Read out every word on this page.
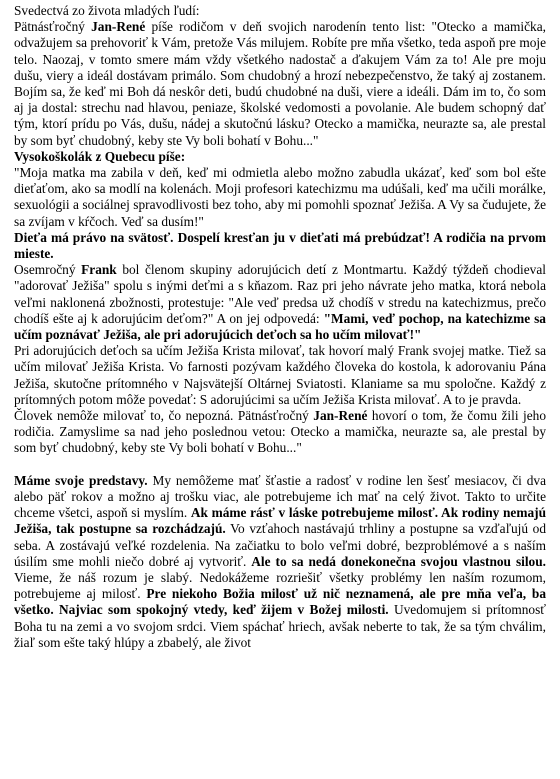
Svedectvá zo života mladých ľudí:

Pätnásťročný Jan-René píše rodičom v deň svojich narodenín tento list: "Otecko a mamička, odvažujem sa prehovoriť k Vám, pretože Vás milujem. Robíte pre mňa všetko, teda aspoň pre moje telo. Naozaj, v tomto smere mám vždy všetkého nadostač a ďakujem Vám za to! Ale pre moju dušu, viery a ideál dostávam primálo. Som chudobný a hrozí nebezpečenstvo, že taký aj zostanem. Bojím sa, že keď mi Boh dá neskôr deti, budú chudobné na duši, viere a ideáli. Dám im to, čo som aj ja dostal: strechu nad hlavou, peniaze, školské vedomosti a povolanie. Ale budem schopný dať tým, ktorí prídu po Vás, dušu, nádej a skutočnú lásku? Otecko a mamička, neurazte sa, ale prestal by som byť chudobný, keby ste Vy boli bohatí v Bohu..."

Vysokoškolák z Quebecu píše:

"Moja matka ma zabila v deň, keď mi odmietla alebo možno zabudla ukázať, keď som bol ešte dieťaťom, ako sa modlí na kolenách. Moji profesori katechizmu ma udúšali, keď ma učili morálke, sexuológii a sociálnej spravodlivosti bez toho, aby mi pomohli spoznať Ježiša. A Vy sa čudujete, že sa zvíjam v kŕčoch. Veď sa dusím!"

Dieťa má právo na svätosť. Dospelí kresťan ju v dieťati má prebúdzať! A rodičia na prvom mieste.

Osemročný Frank bol členom skupiny adorujúcich detí z Montmartu. Každý týždeň chodieval "adorovať Ježiša" spolu s inými deťmi a s kňazom. Raz pri jeho návrate jeho matka, ktorá nebola veľmi naklonená zbožnosti, protestuje: "Ale veď predsa už chodíš v stredu na katechizmus, prečo chodíš ešte aj k adorujúcim deťom?" A on jej odpovedá: "Mami, veď pochop, na katechizme sa učím poznávať Ježiša, ale pri adorujúcich deťoch sa ho učím milovať!"

Pri adorujúcich deťoch sa učím Ježiša Krista milovať, tak hovorí malý Frank svojej matke. Tiež sa učím milovať Ježiša Krista. Vo farnosti pozývam každého človeka do kostola, k adorovaniu Pána Ježiša, skutočne prítomného v Najsvätejší Oltárnej Sviatosti. Klaniame sa mu spoločne. Každý z prítomných potom môže povedať: S adorujúcimi sa učím Ježiša Krista milovať. A to je pravda.

Človek nemôže milovať to, čo nepozná. Pätnásťročný Jan-René hovorí o tom, že čomu žili jeho rodičia. Zamyslime sa nad jeho poslednou vetou: Otecko a mamička, neurazte sa, ale prestal by som byť chudobný, keby ste Vy boli bohatí v Bohu..."

Máme svoje predstavy. My nemôžeme mať šťastie a radosť v rodine len šesť mesiacov, či dva alebo päť rokov a možno aj trošku viac, ale potrebujeme ich mať na celý život. Takto to určite chceme všetci, aspoň si myslím. Ak máme rásť v láske potrebujeme milosť. Ak rodiny nemajú Ježiša, tak postupne sa rozchádzajú. Vo vzťahoch nastávajú trhliny a postupne sa vzďaľujú od seba. A zostávajú veľké rozdelenia. Na začiatku to bolo veľmi dobré, bezproblémové a s naším úsilím sme mohli niečo dobré aj vytvoriť. Ale to sa nedá donekonečna svojou vlastnou silou. Vieme, že náš rozum je slabý. Nedokážeme rozriešiť všetky problémy len naším rozumom, potrebujeme aj milosť. Pre niekoho Božia milosť už nič neznamená, ale pre mňa veľa, ba všetko. Najviac som spokojný vtedy, keď žijem v Božej milosti. Uvedomujem si prítomnosť Boha tu na zemi a vo svojom srdci. Viem spáchať hriech, avšak neberte to tak, že sa tým chválim, žiaľ som ešte taký hlúpy a zbabelý, ale život
